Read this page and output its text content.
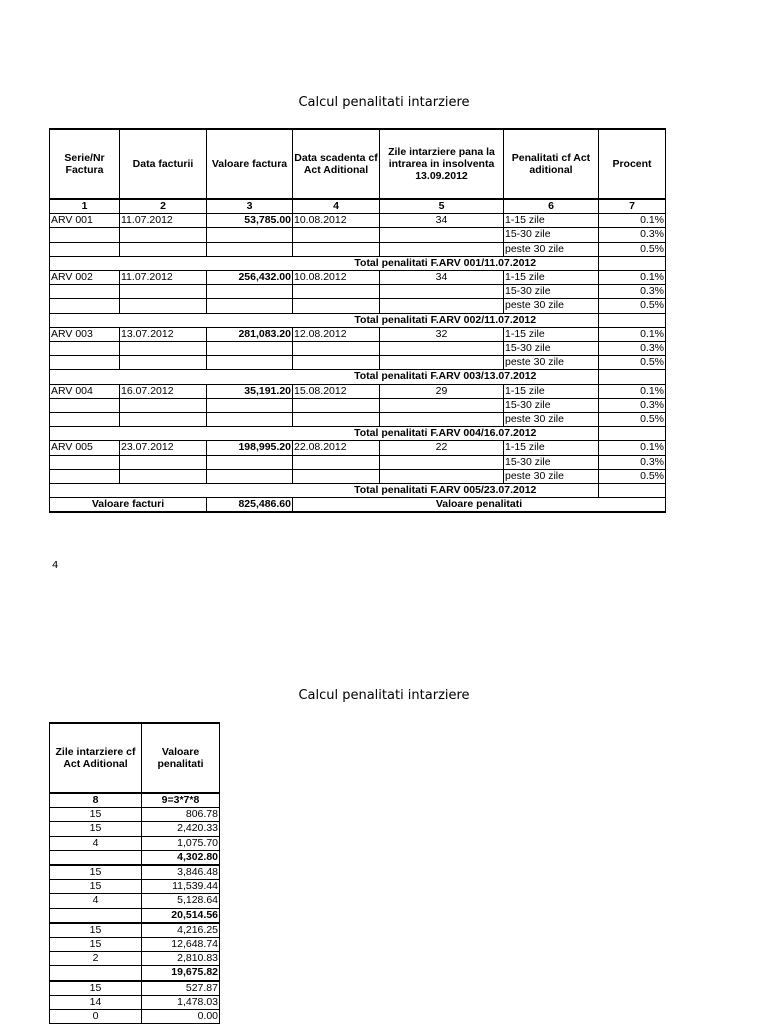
Calcul penalitati intarziere
Serie/Nr Factura	Data facturii	Valoare factura	Data scadenta cf Act Aditional	Zile intarziere pana la intrarea in insolventa 13.09.2012	Penalitati cf Act aditional	Procent
1	2	3	4	5	6	7
ARV 001	11.07.2012	53,785.00	10.08.2012	34	1-15 zile	0.1%
					15-30 zile	0.3%
					peste 30 zile	0.5%
			Total penalitati F.ARV 001/11.07.2012			
ARV 002	11.07.2012	256,432.00	10.08.2012	34	1-15 zile	0.1%
					15-30 zile	0.3%
					peste 30 zile	0.5%
			Total penalitati F.ARV 002/11.07.2012			
ARV 003	13.07.2012	281,083.20	12.08.2012	32	1-15 zile	0.1%
					15-30 zile	0.3%
					peste 30 zile	0.5%
			Total penalitati F.ARV 003/13.07.2012			
ARV 004	16.07.2012	35,191.20	15.08.2012	29	1-15 zile	0.1%
					15-30 zile	0.3%
					peste 30 zile	0.5%
			Total penalitati F.ARV 004/16.07.2012			
ARV 005	23.07.2012	198,995.20	22.08.2012	22	1-15 zile	0.1%
					15-30 zile	0.3%
					peste 30 zile	0.5%
			Total penalitati F.ARV 005/23.07.2012			
Valoare facturi		825,486.60	Valoare penalitati			
4
Calcul penalitati intarziere
Zile intarziere cf Act Aditional	Valoare penalitati
8	9=3*7*8
15	806.78
15	2,420.33
4	1,075.70
	4,302.80
15	3,846.48
15	11,539.44
4	5,128.64
	20,514.56
15	4,216.25
15	12,648.74
2	2,810.83
	19,675.82
15	527.87
14	1,478.03
0	0.00
